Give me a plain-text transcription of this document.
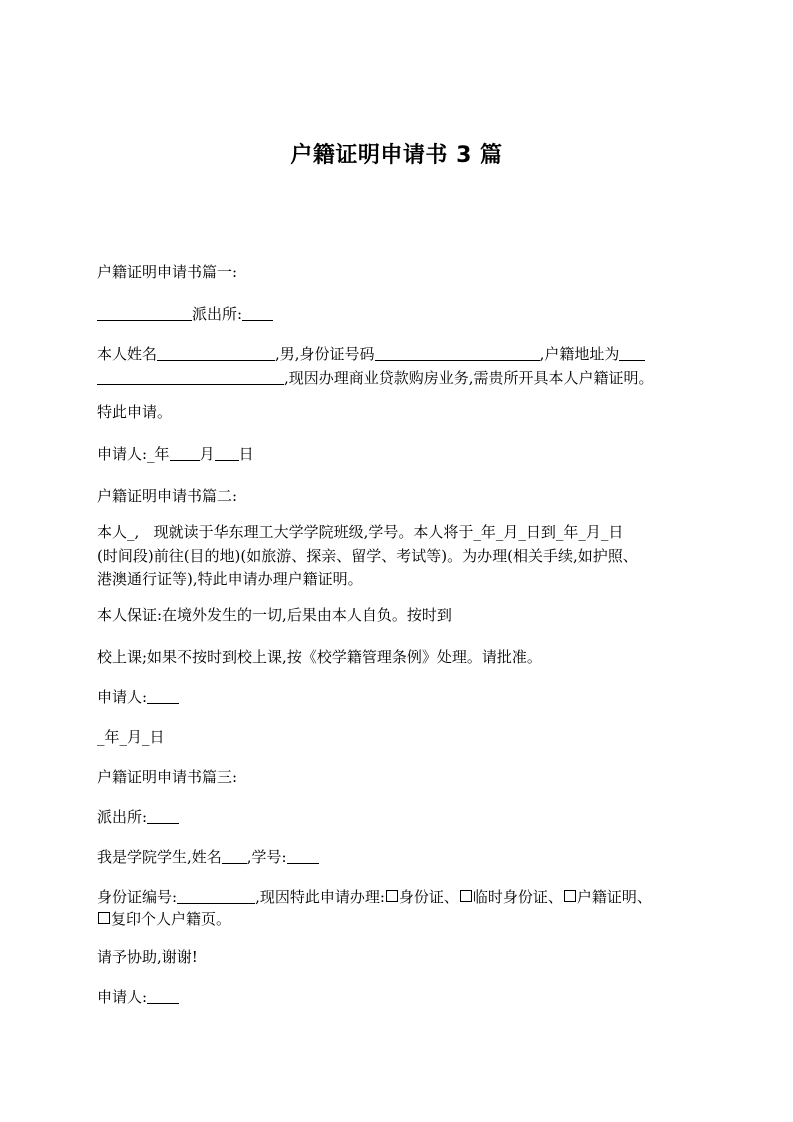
户籍证明申请书 3 篇
户籍证明申请书篇一:
派出所:
本人姓名	,男,身份证号码	,户籍地址为
,现因办理商业贷款购房业务,需贵所开具本人户籍证明。
特此申请。
申请人:_年 月 日
户籍证明申请书篇二:
本人_, 现就读于华东理工大学学院班级,学号。本人将于_年_月_日到_年_月_日
(时间段)前往(目的地)(如旅游、探亲、留学、考试等)。为办理(相关手续,如护照、
港澳通行证等),特此申请办理户籍证明。
本人保证:在境外发生的一切,后果由本人自负。按时到
校上课;如果不按时到校上课,按《校学籍管理条例》处理。请批准。
申请人:
_年_月_日
户籍证明申请书篇三:
派出所:
我是学院学生,姓名 ,学号:
身份证编号:	,现因特此申请办理: 身份证、 临时身份证、 户籍证明、
复印个人户籍页。
请予协助,谢谢!
申请人:
